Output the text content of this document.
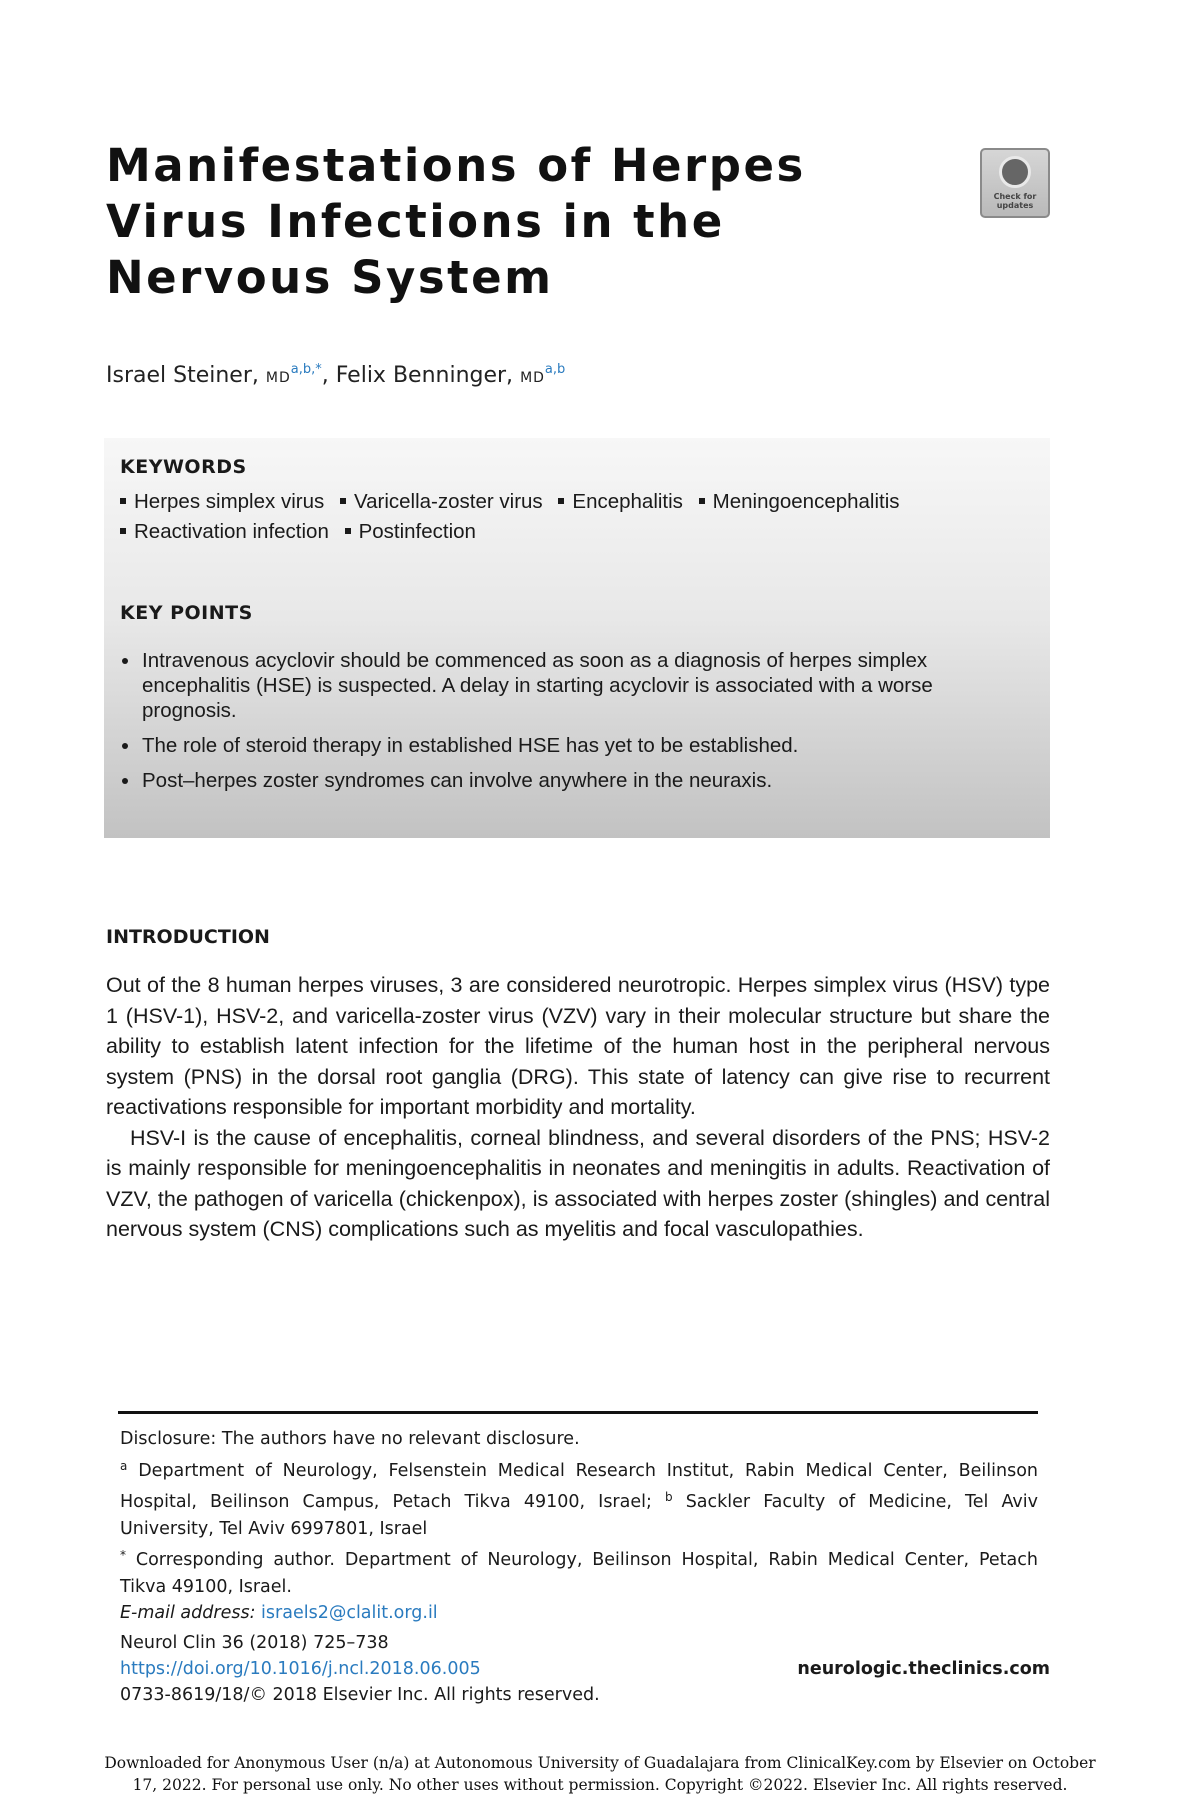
Manifestations of Herpes Virus Infections in the Nervous System
Check for updates
Israel Steiner, $MD^{a,b,*}$, Felix Benninger, MD$^{a,b}$
KEYWORDS
Herpes simplex virus Varicella-zoster virus Encephalitis Meningoencephalitis
Reactivation infection Postinfection
KEY POINTS
Intravenous acyclovir should be commenced as soon as a diagnosis of herpes simplex encephalitis (HSE) is suspected. A delay in starting acyclovir is associated with a worse prognosis.
The role of steroid therapy in established HSE has yet to be established.
Post–herpes zoster syndromes can involve anywhere in the neuraxis.
INTRODUCTION

Out of the 8 human herpes viruses, 3 are considered neurotropic. Herpes simplex virus (HSV) type 1 (HSV-1), HSV-2, and varicella-zoster virus (VZV) vary in their molecular structure but share the ability to establish latent infection for the lifetime of the human host in the peripheral nervous system (PNS) in the dorsal root ganglia (DRG). This state of latency can give rise to recurrent reactivations responsible for important morbidity and mortality.

HSV-I is the cause of encephalitis, corneal blindness, and several disorders of the PNS; HSV-2 is mainly responsible for meningoencephalitis in neonates and meningitis in adults. Reactivation of VZV, the pathogen of varicella (chickenpox), is associated with herpes zoster (shingles) and central nervous system (CNS) complications such as myelitis and focal vasculopathies.

Disclosure: The authors have no relevant disclosure.

$^a$ Department of Neurology, Felsenstein Medical Research Institut, Rabin Medical Center, Beilinson Hospital, Beilinson Campus, Petach Tikva 49100, Israel; $^b$ Sackler Faculty of Medicine, Tel Aviv University, Tel Aviv 6997801, Israel

* Corresponding author. Department of Neurology, Beilinson Hospital, Rabin Medical Center, Petach Tikva 49100, Israel.

E-mail address: israels2@clalit.org.il

Neurol Clin 36 (2018) 725–738
https://doi.org/10.1016/j.ncl.2018.06.005	neurologic.theclinics.com
0733-8619/18/© 2018 Elsevier Inc. All rights reserved.
Downloaded for Anonymous User (n/a) at Autonomous University of Guadalajara from ClinicalKey.com by Elsevier on October 17, 2022. For personal use only. No other uses without permission. Copyright ©2022. Elsevier Inc. All rights reserved.
